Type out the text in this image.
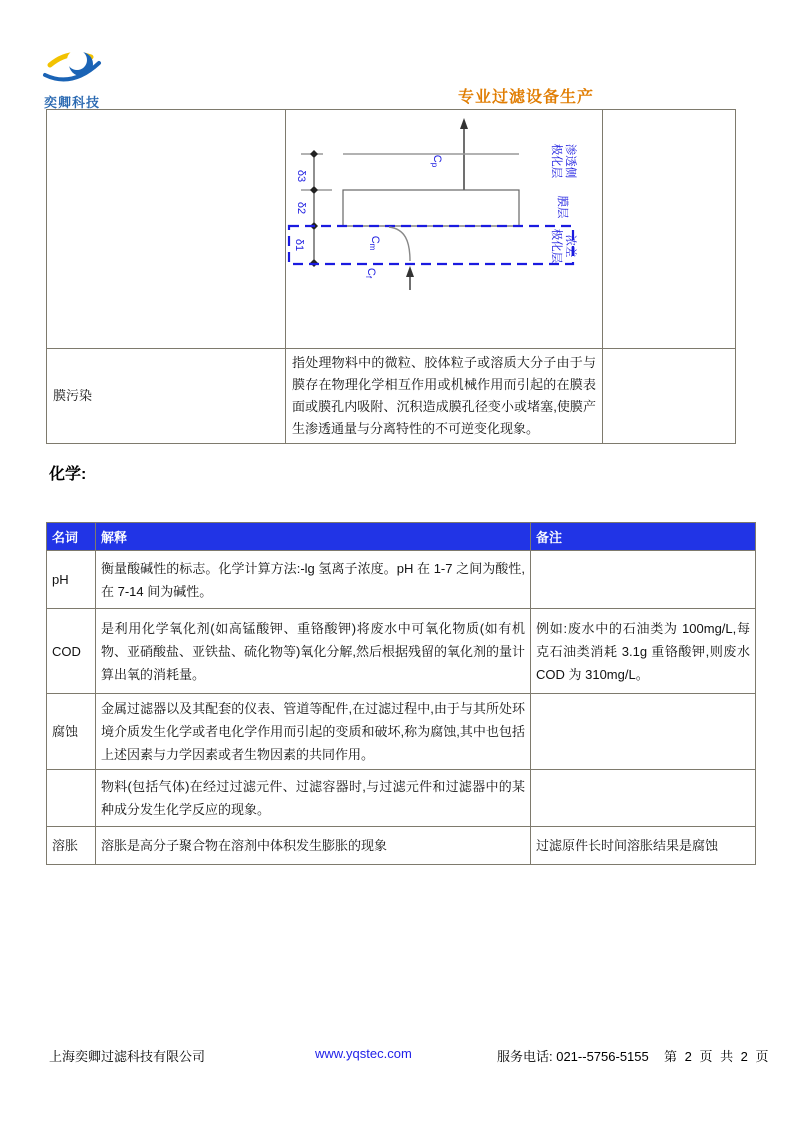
奕卿科技	专业过滤设备生产

δ3
δ2
δ1
Cp
Cm
Cf
渗透侧
极化层
膜层
浓差
极化层

膜污染	指处理物料中的微粒、胶体粒子或溶质大分子由于与膜存在物理化学相互作用或机械作用而引起的在膜表面或膜孔内吸附、沉积造成膜孔径变小或堵塞,使膜产生渗透通量与分离特性的不可逆变化现象。	
化学:
名词	解释	备注
pH	衡量酸碱性的标志。化学计算方法:-lg 氢离子浓度。pH 在 1-7 之间为酸性,在 7-14 间为碱性。	
COD	是利用化学氧化剂(如高锰酸钾、重铬酸钾)将废水中可氧化物质(如有机物、亚硝酸盐、亚铁盐、硫化物等)氧化分解,然后根据残留的氧化剂的量计算出氧的消耗量。	例如:废水中的石油类为 100mg/L,每克石油类消耗 3.1g 重铬酸钾,则废水 COD 为 310mg/L。
腐蚀	金属过滤器以及其配套的仪表、管道等配件,在过滤过程中,由于与其所处环境介质发生化学或者电化学作用而引起的变质和破坏,称为腐蚀,其中也包括上述因素与力学因素或者生物因素的共同作用。	
	物料(包括气体)在经过过滤元件、过滤容器时,与过滤元件和过滤器中的某种成分发生化学反应的现象。	
溶胀	溶胀是高分子聚合物在溶剂中体积发生膨胀的现象	过滤原件长时间溶胀结果是腐蚀
上海奕卿过滤科技有限公司	www.yqstec.com	服务电话: 021--5756-5155 第 2 页 共 2 页
